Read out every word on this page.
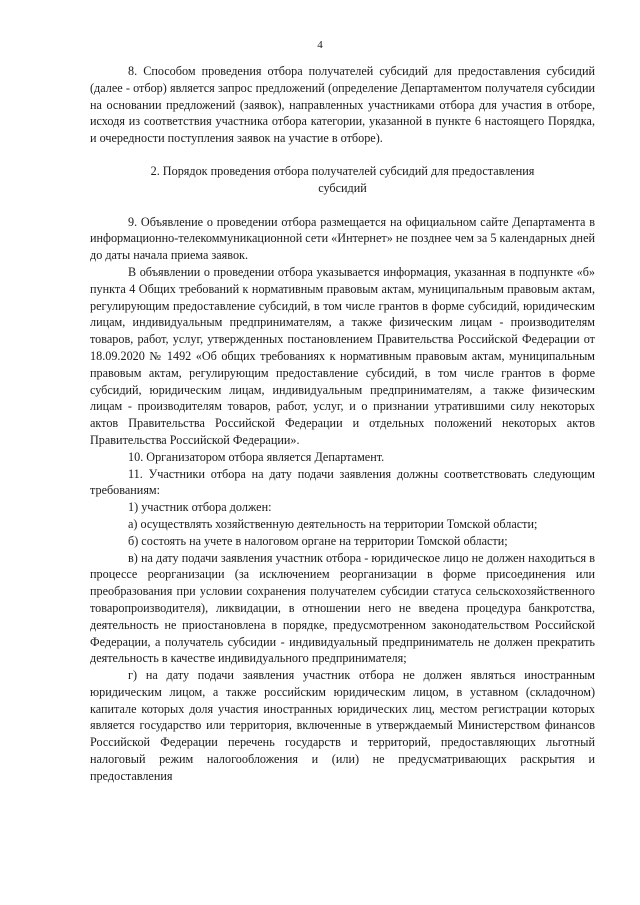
4

8. Способом проведения отбора получателей субсидий для предоставления субсидий (далее - отбор) является запрос предложений (определение Департаментом получателя субсидии на основании предложений (заявок), направленных участниками отбора для участия в отборе, исходя из соответствия участника отбора категории, указанной в пункте 6 настоящего Порядка, и очередности поступления заявок на участие в отборе).

2. Порядок проведения отбора получателей субсидий для предоставления субсидий

9. Объявление о проведении отбора размещается на официальном сайте Департамента в информационно-телекоммуникационной сети «Интернет» не позднее чем за 5 календарных дней до даты начала приема заявок.

В объявлении о проведении отбора указывается информация, указанная в подпункте «б» пункта 4 Общих требований к нормативным правовым актам, муниципальным правовым актам, регулирующим предоставление субсидий, в том числе грантов в форме субсидий, юридическим лицам, индивидуальным предпринимателям, а также физическим лицам - производителям товаров, работ, услуг, утвержденных постановлением Правительства Российской Федерации от 18.09.2020 № 1492 «Об общих требованиях к нормативным правовым актам, муниципальным правовым актам, регулирующим предоставление субсидий, в том числе грантов в форме субсидий, юридическим лицам, индивидуальным предпринимателям, а также физическим лицам - производителям товаров, работ, услуг, и о признании утратившими силу некоторых актов Правительства Российской Федерации и отдельных положений некоторых актов Правительства Российской Федерации».

10. Организатором отбора является Департамент.

11. Участники отбора на дату подачи заявления должны соответствовать следующим требованиям:

1) участник отбора должен:

а) осуществлять хозяйственную деятельность на территории Томской области;

б) состоять на учете в налоговом органе на территории Томской области;

в) на дату подачи заявления участник отбора - юридическое лицо не должен находиться в процессе реорганизации (за исключением реорганизации в форме присоединения или преобразования при условии сохранения получателем субсидии статуса сельскохозяйственного товаропроизводителя), ликвидации, в отношении него не введена процедура банкротства, деятельность не приостановлена в порядке, предусмотренном законодательством Российской Федерации, а получатель субсидии - индивидуальный предприниматель не должен прекратить деятельность в качестве индивидуального предпринимателя;

г) на дату подачи заявления участник отбора не должен являться иностранным юридическим лицом, а также российским юридическим лицом, в уставном (складочном) капитале которых доля участия иностранных юридических лиц, местом регистрации которых является государство или территория, включенные в утверждаемый Министерством финансов Российской Федерации перечень государств и территорий, предоставляющих льготный налоговый режим налогообложения и (или) не предусматривающих раскрытия и предоставления
